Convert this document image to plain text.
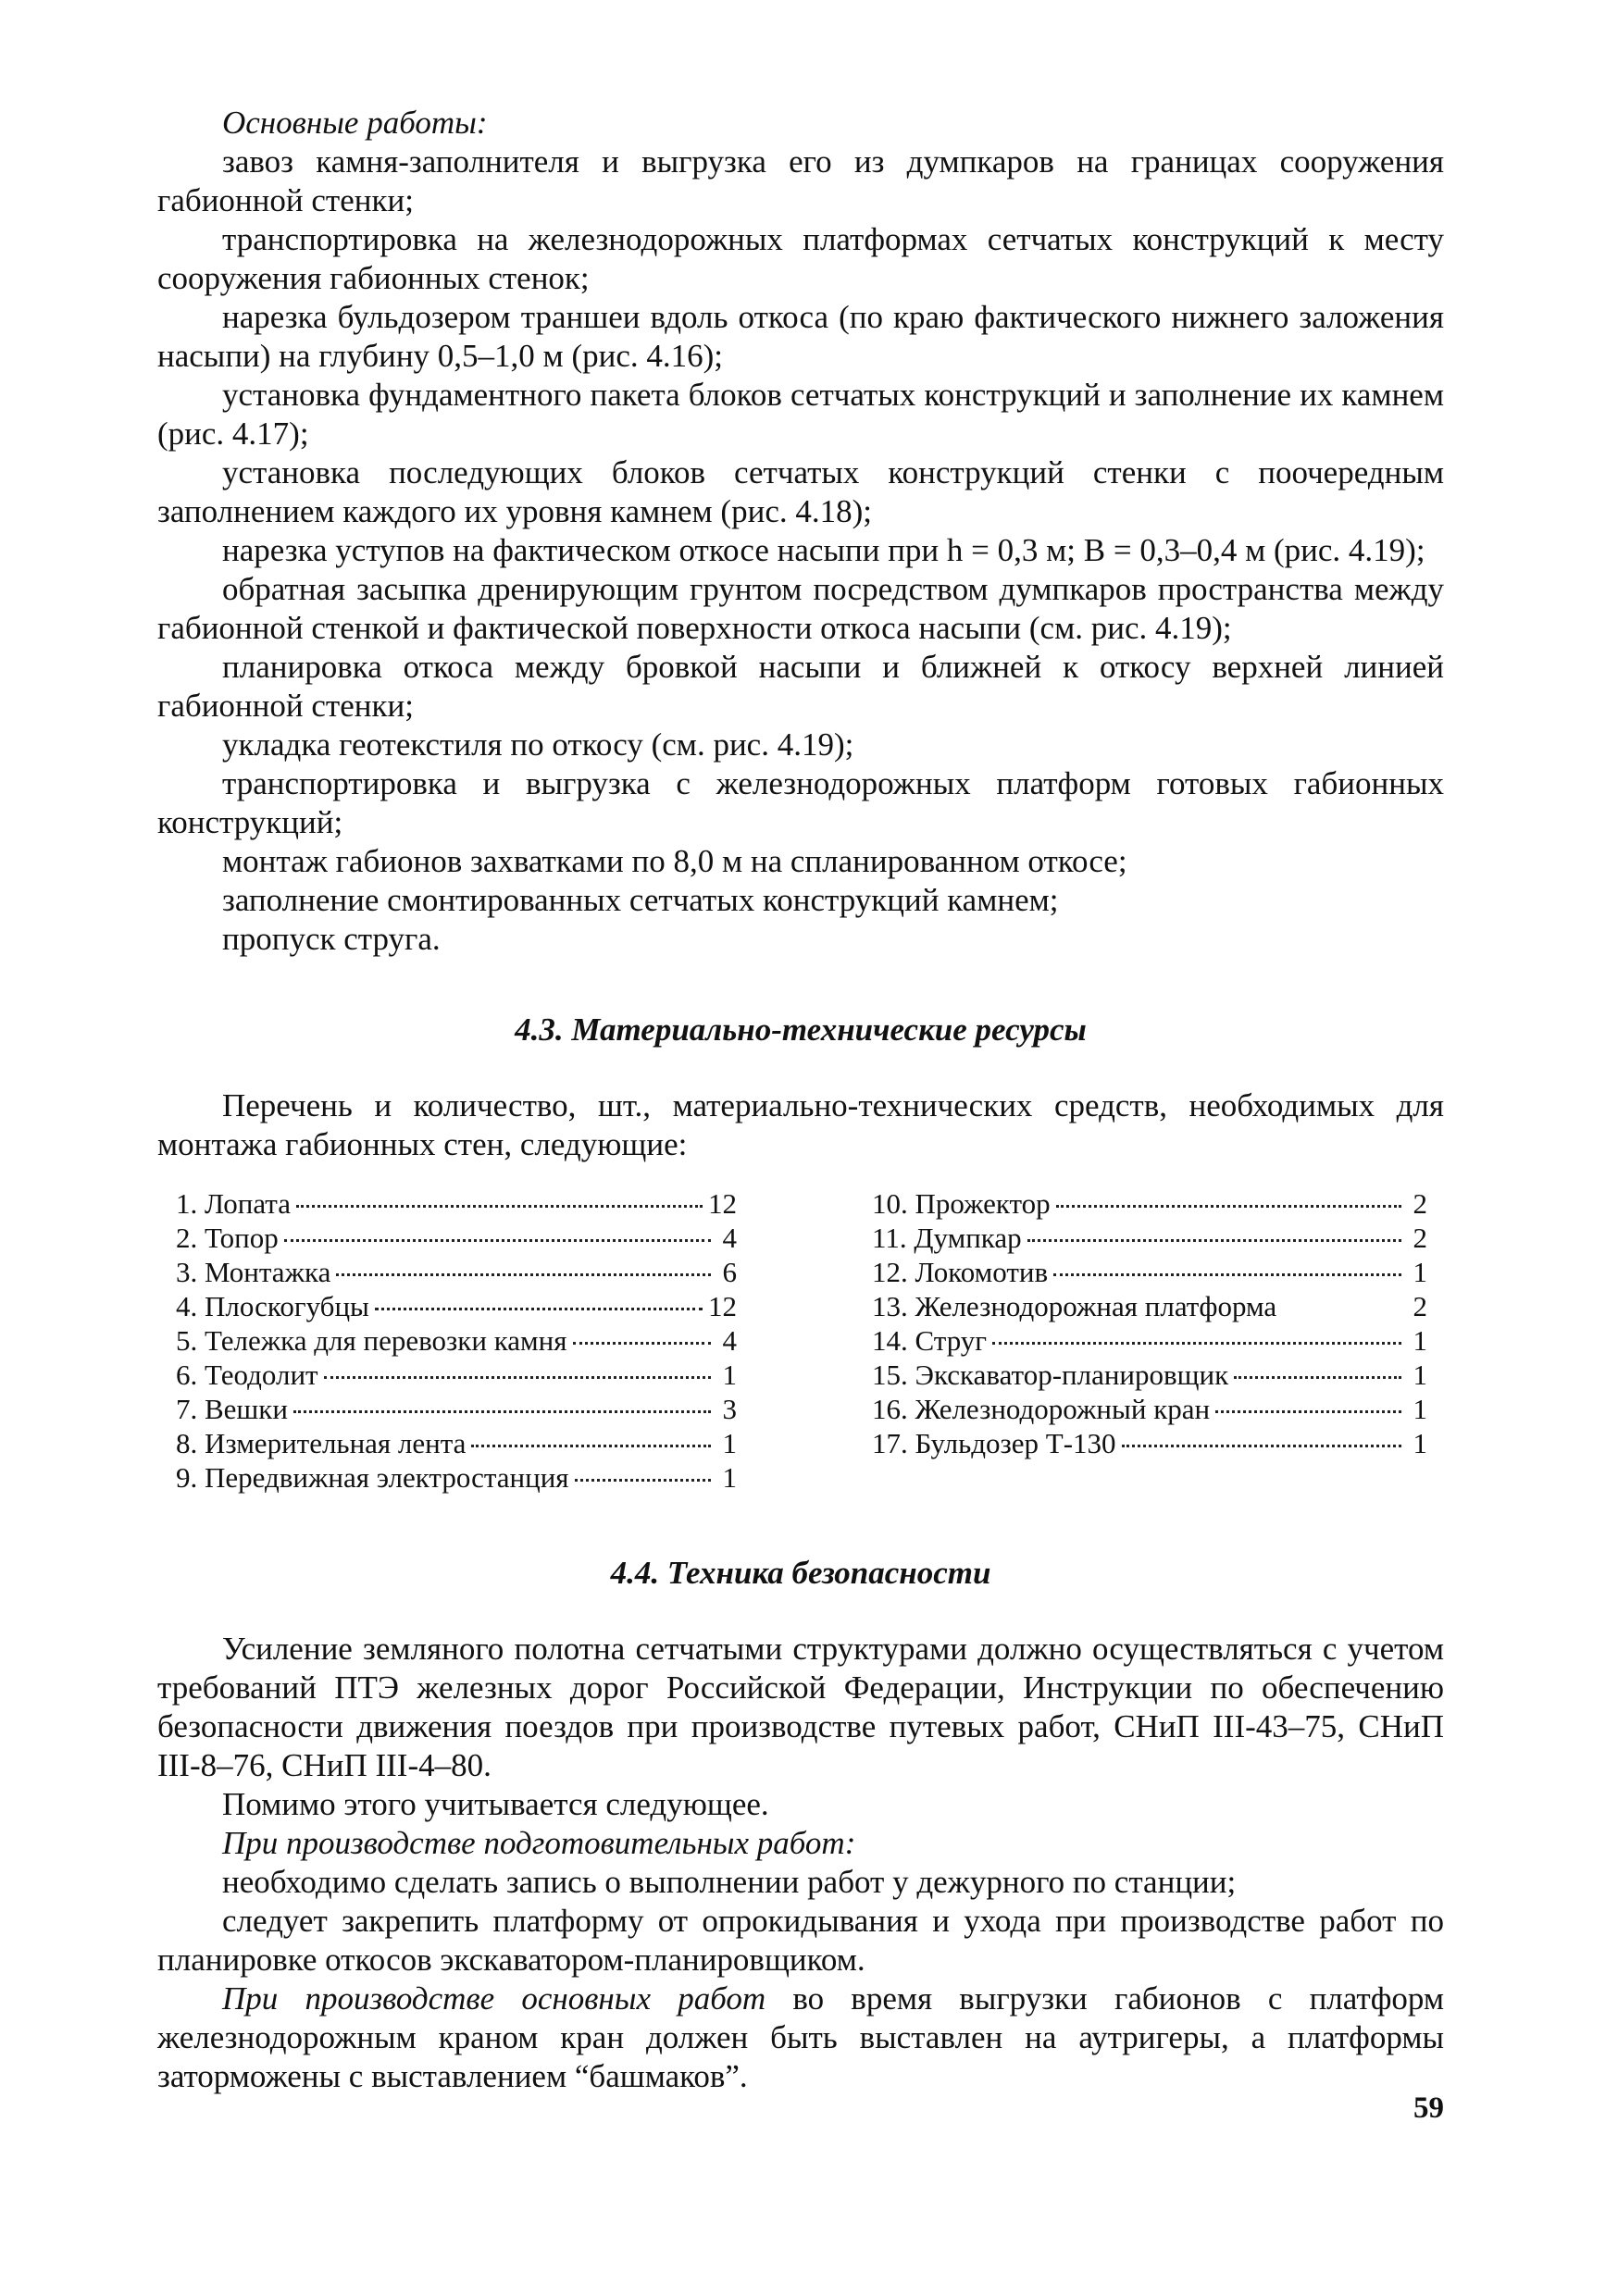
Основные работы:

завоз камня-заполнителя и выгрузка его из думпкаров на границах сооружения габионной стенки;

транспортировка на железнодорожных платформах сетчатых конструкций к месту сооружения габионных стенок;

нарезка бульдозером траншеи вдоль откоса (по краю фактического нижнего заложения насыпи) на глубину 0,5–1,0 м (рис. 4.16);

установка фундаментного пакета блоков сетчатых конструкций и заполнение их камнем (рис. 4.17);

установка последующих блоков сетчатых конструкций стенки с поочередным заполнением каждого их уровня камнем (рис. 4.18);

нарезка уступов на фактическом откосе насыпи при h = 0,3 м; B = 0,3–0,4 м (рис. 4.19);

обратная засыпка дренирующим грунтом посредством думпкаров пространства между габионной стенкой и фактической поверхности откоса насыпи (см. рис. 4.19);

планировка откоса между бровкой насыпи и ближней к откосу верхней линией габионной стенки;

укладка геотекстиля по откосу (см. рис. 4.19);

транспортировка и выгрузка с железнодорожных платформ готовых габионных конструкций;

монтаж габионов захватками по 8,0 м на спланированном откосе;

заполнение смонтированных сетчатых конструкций камнем;

пропуск струга.

4.3. Материально-технические ресурсы

Перечень и количество, шт., материально-технических средств, необходимых для монтажа габионных стен, следующие:

1. Лопата	12
2. Топор	4
3. Монтажка	6
4. Плоскогубцы	12
5. Тележка для перевозки камня	4
6. Теодолит	1
7. Вешки	3
8. Измерительная лента	1
9. Передвижная электростанция	1
10. Прожектор	2
11. Думпкар	2
12. Локомотив	1
13. Железнодорожная платформа	2
14. Струг	1
15. Экскаватор-планировщик	1
16. Железнодорожный кран	1
17. Бульдозер Т-130	1

4.4. Техника безопасности

Усиление земляного полотна сетчатыми структурами должно осуществляться с учетом требований ПТЭ железных дорог Российской Федерации, Инструкции по обеспечению безопасности движения поездов при производстве путевых работ, СНиП III-43–75, СНиП III-8–76, СНиП III-4–80.

Помимо этого учитывается следующее.

При производстве подготовительных работ:

необходимо сделать запись о выполнении работ у дежурного по станции;

следует закрепить платформу от опрокидывания и ухода при производстве работ по планировке откосов экскаватором-планировщиком.

При производстве основных работ во время выгрузки габионов с платформ железнодорожным краном кран должен быть выставлен на аутригеры, а платформы заторможены с выставлением “башмаков”.

59
